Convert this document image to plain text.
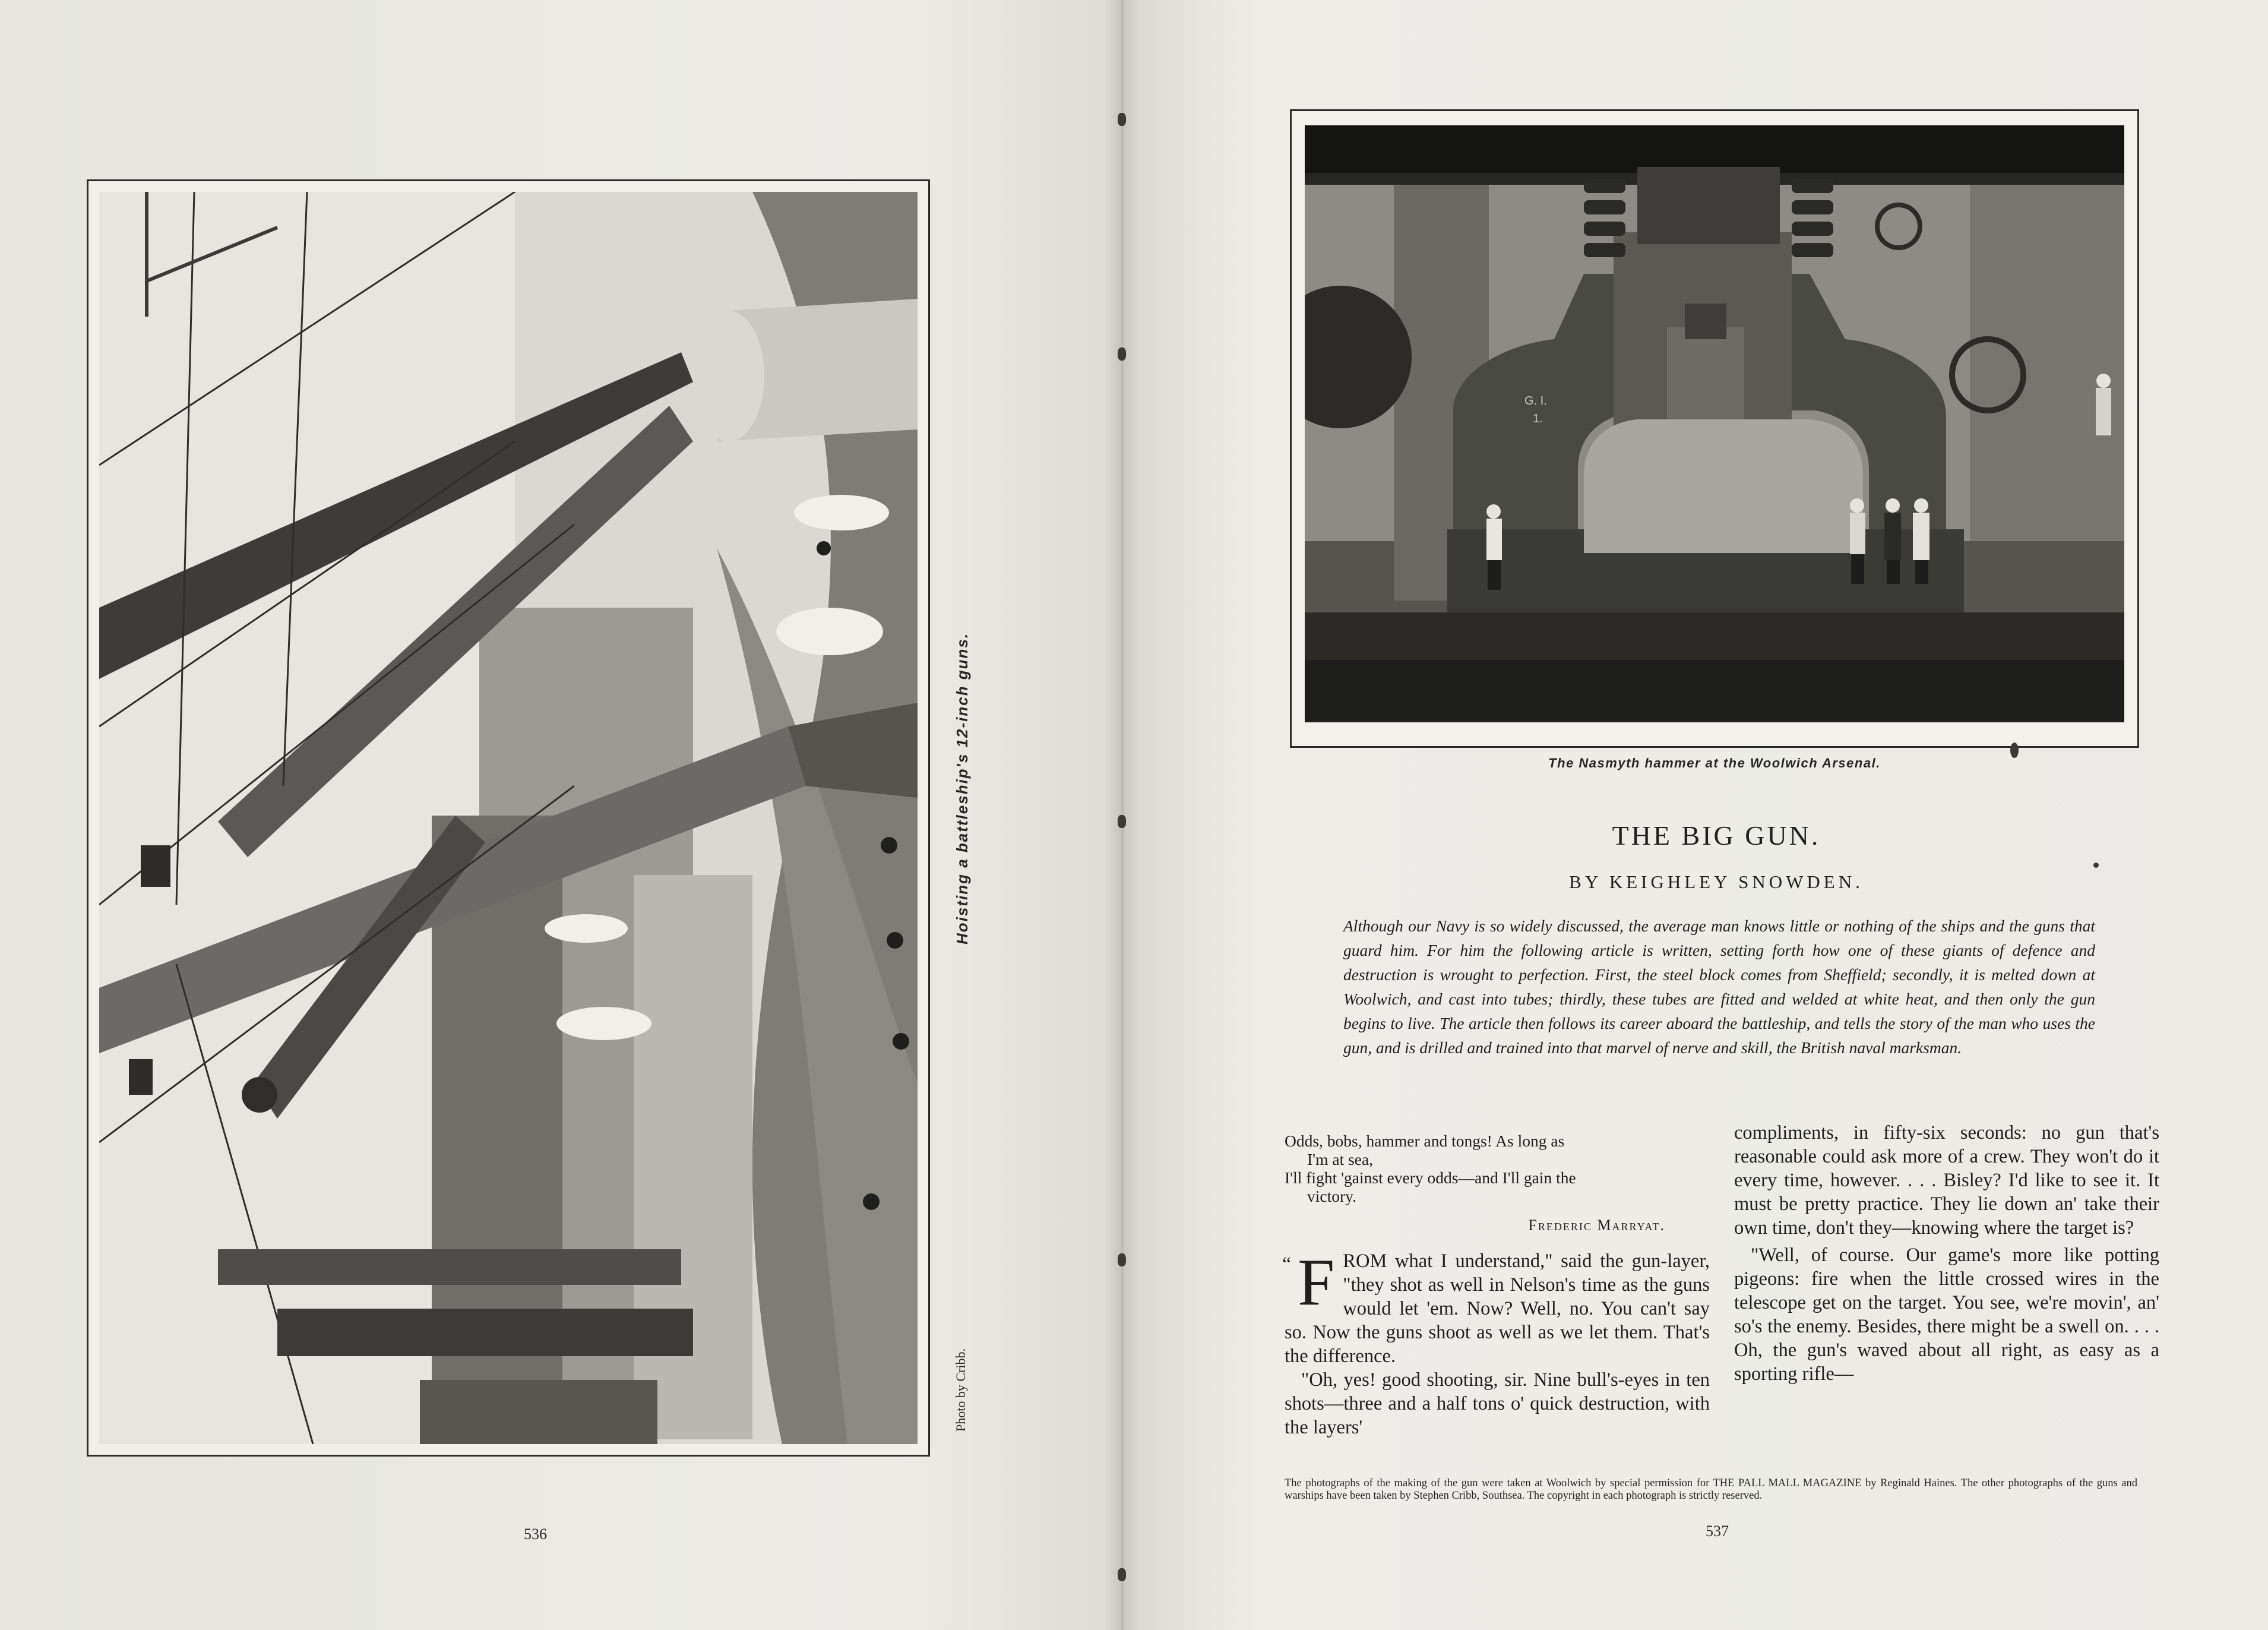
Hoisting a battleship's 12-inch guns.
Photo by Cribb.
536
G. I.
1.
The Nasmyth hammer at the Woolwich Arsenal.
THE BIG GUN.
BY KEIGHLEY SNOWDEN.
Although our Navy is so widely discussed, the average man knows little or nothing of the ships and the guns that guard him. For him the following article is written, setting forth how one of these giants of defence and destruction is wrought to perfection. First, the steel block comes from Sheffield; secondly, it is melted down at Woolwich, and cast into tubes; thirdly, these tubes are fitted and welded at white heat, and then only the gun begins to live. The article then follows its career aboard the battleship, and tells the story of the man who uses the gun, and is drilled and trained into that marvel of nerve and skill, the British naval marksman.
Odds, bobs, hammer and tongs! As long as
I'm at sea,
I'll fight 'gainst every odds—and I'll gain the
victory.
Frederic Marryat.
“ F ROM what I understand," said the gun-layer, "they shot as well in Nelson's time as the guns would let 'em. Now? Well, no. You can't say so. Now the guns shoot as well as we let them. That's the difference.

"Oh, yes! good shooting, sir. Nine bull's-eyes in ten shots—three and a half tons o' quick destruction, with the layers'

compliments, in fifty-six seconds: no gun that's reasonable could ask more of a crew. They won't do it every time, however. . . . Bisley? I'd like to see it. It must be pretty practice. They lie down an' take their own time, don't they—knowing where the target is?

"Well, of course. Our game's more like potting pigeons: fire when the little crossed wires in the telescope get on the target. You see, we're movin', an' so's the enemy. Besides, there might be a swell on. . . . Oh, the gun's waved about all right, as easy as a sporting rifle—

The photographs of the making of the gun were taken at Woolwich by special permission for THE PALL MALL MAGAZINE by Reginald Haines. The other photographs of the guns and warships have been taken by Stephen Cribb, Southsea. The copyright in each photograph is strictly reserved.
537
